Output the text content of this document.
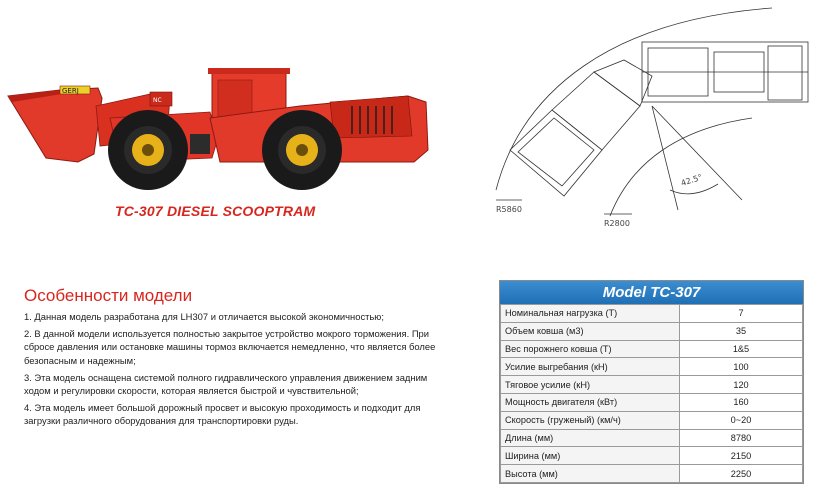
GERJ
NC
TC-307 DIESEL SCOOPTRAM
42.5°
R5860
R2800
Особенности модели

1. Данная модель разработана для LH307 и отличается высокой экономичностью;

2. В данной модели используется полностью закрытое устройство мокрого торможения. При сбросе давления или остановке машины тормоз включается немедленно, что является более безопасным и надежным;

3. Эта модель оснащена системой полного гидравлического управления движением задним ходом и регулировки скорости, которая является быстрой и чувствительной;

4. Эта модель имеет большой дорожный просвет и высокую проходимость и подходит для загрузки различного оборудования для транспортировки руды.

Model TC-307
Номинальная нагрузка (Т)	7
Объем ковша (м3)	35
Вес порожнего ковша (Т)	1&5
Усилие выгребания (кН)	100
Тяговое усилие (кН)	120
Мощность двигателя (кВт)	160
Скорость (груженый) (км/ч)	0~20
Длина (мм)	8780
Ширина (мм)	2150
Высота (мм)	2250
